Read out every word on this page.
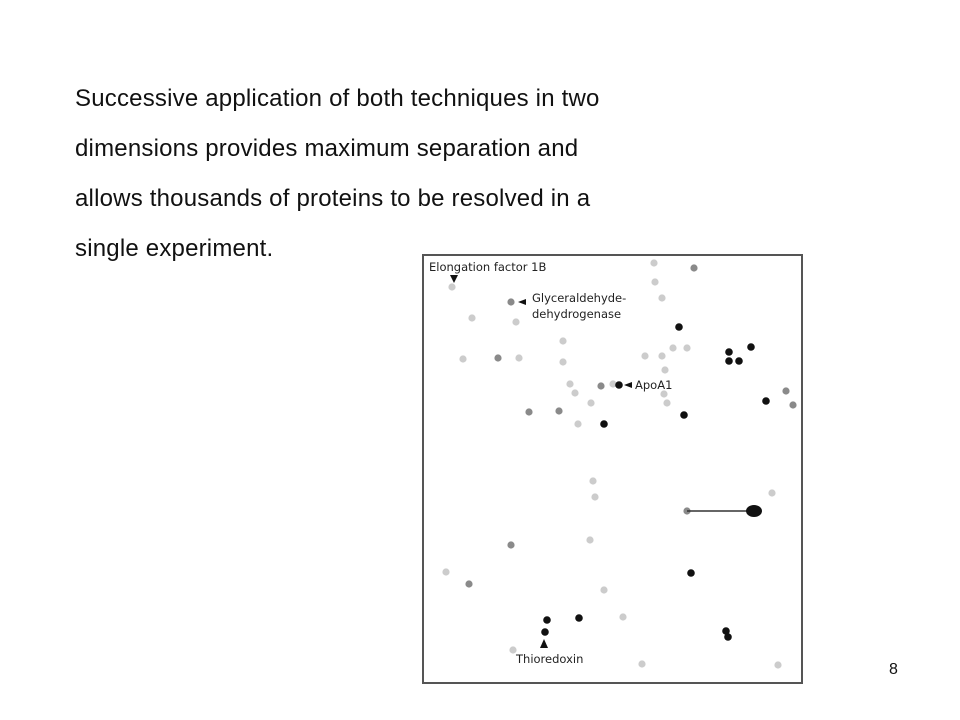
Successive application of both techniques in two
dimensions provides maximum separation and
allows thousands of proteins to be resolved in a
single experiment.
Elongation factor 1B
Glyceraldehyde-
dehydrogenase
ApoA1
Thioredoxin
8
